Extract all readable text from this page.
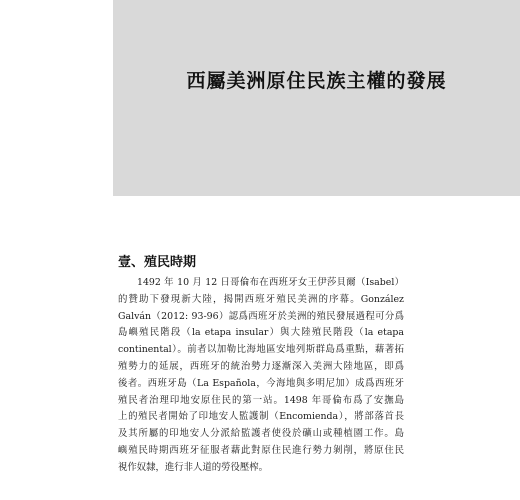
西屬美洲原住民族主權的發展
壹、殖民時期
1492 年 10 月 12 日哥倫布在西班牙女王伊莎貝爾（Isabel）
的贊助下發現新大陸，揭開西班牙殖民美洲的序幕。González
Galván（2012: 93-96）認爲西班牙於美洲的殖民發展過程可分爲
島嶼殖民階段（la etapa insular）與大陸殖民階段（la etapa
continental）。前者以加勒比海地區安地列斯群島爲重點，藉著拓
殖勢力的延展，西班牙的統治勢力逐漸深入美洲大陸地區，即爲
後者。西班牙島（La Española，今海地與多明尼加）成爲西班牙
殖民者治理印地安原住民的第一站。1498 年哥倫布爲了安撫島
上的殖民者開始了印地安人監護制（Encomienda），將部落首長
及其所屬的印地安人分派給監護者使役於礦山或種植園工作。島
嶼殖民時期西班牙征服者藉此對原住民進行勢力剝削，將原住民
視作奴隸，進行非人道的勞役壓榨。
